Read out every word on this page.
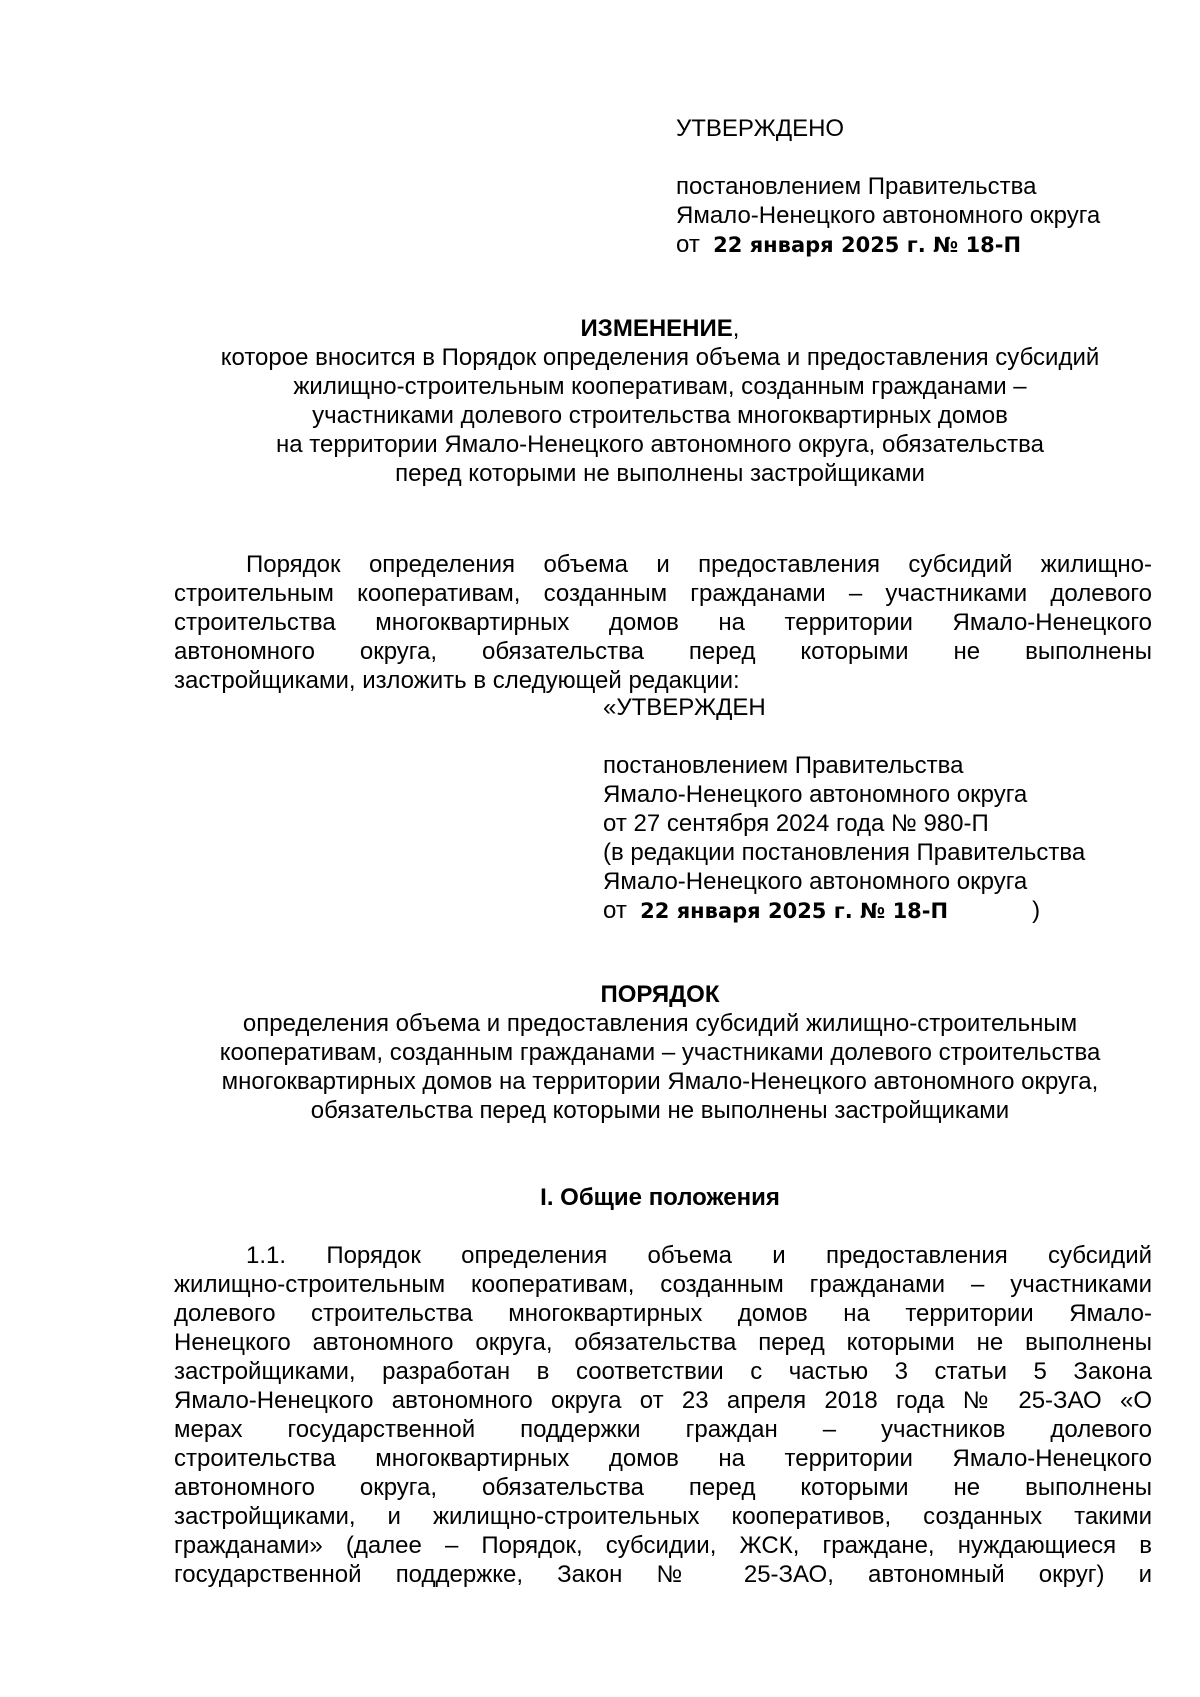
УТВЕРЖДЕНО
постановлением Правительства
Ямало-Ненецкого автономного округа
от 22 января 2025 г. № 18-П
ИЗМЕНЕНИЕ,
которое вносится в Порядок определения объема и предоставления субсидий
жилищно-строительным кооперативам, созданным гражданами –
участниками долевого строительства многоквартирных домов
на территории Ямало-Ненецкого автономного округа, обязательства
перед которыми не выполнены застройщиками
Порядок определения объема и предоставления субсидий жилищно-
строительным кооперативам, созданным гражданами – участниками долевого
строительства многоквартирных домов на территории Ямало-Ненецкого
автономного округа, обязательства перед которыми не выполнены
застройщиками, изложить в следующей редакции:
«УТВЕРЖДЕН
постановлением Правительства
Ямало-Ненецкого автономного округа
от 27 сентября 2024 года № 980-П
(в редакции постановления Правительства
Ямало-Ненецкого автономного округа
от 22 января 2025 г. № 18-П	)
ПОРЯДОК
определения объема и предоставления субсидий жилищно-строительным
кооперативам, созданным гражданами – участниками долевого строительства
многоквартирных домов на территории Ямало-Ненецкого автономного округа,
обязательства перед которыми не выполнены застройщиками
I. Общие положения
1.1. Порядок определения объема и предоставления субсидий
жилищно-строительным кооперативам, созданным гражданами – участниками
долевого строительства многоквартирных домов на территории Ямало-
Ненецкого автономного округа, обязательства перед которыми не выполнены
застройщиками, разработан в соответствии с частью 3 статьи 5 Закона
Ямало-Ненецкого автономного округа от 23 апреля 2018 года № 25-ЗАО «О
мерах государственной поддержки граждан – участников долевого
строительства многоквартирных домов на территории Ямало-Ненецкого
автономного округа, обязательства перед которыми не выполнены
застройщиками, и жилищно-строительных кооперативов, созданных такими
гражданами» (далее – Порядок, субсидии, ЖСК, граждане, нуждающиеся в
государственной поддержке, Закон № 25-ЗАО, автономный округ) и
